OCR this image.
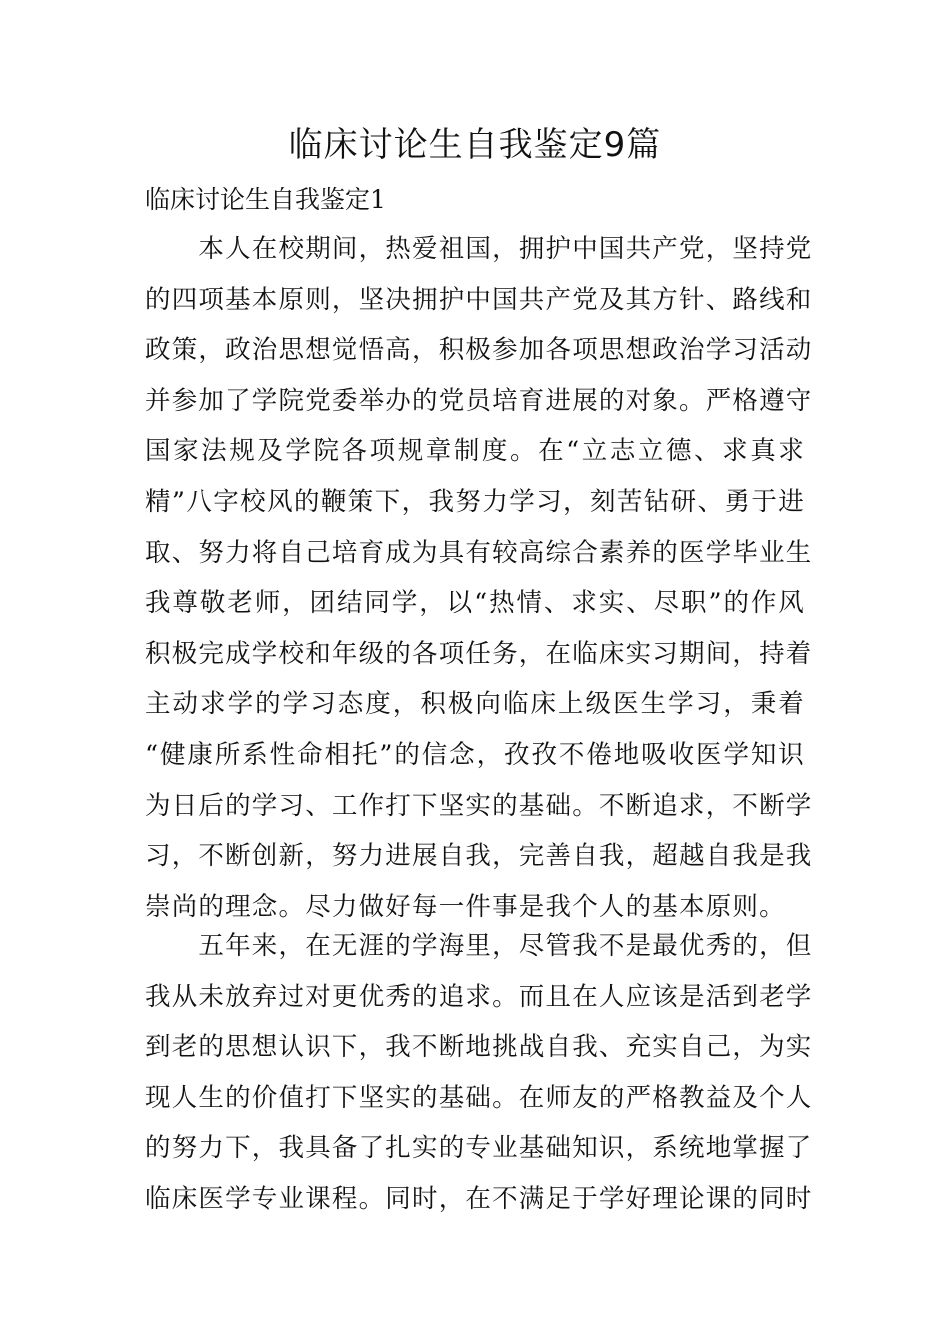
临床讨论生自我鉴定9篇
临床讨论生自我鉴定1
　　本人在校期间，热爱祖国，拥护中国共产党，坚持党
的四项基本原则，坚决拥护中国共产党及其方针、路线和
政策，政治思想觉悟高，积极参加各项思想政治学习活动
并参加了学院党委举办的党员培育进展的对象。严格遵守
国家法规及学院各项规章制度。在“立志立德、求真求
精”八字校风的鞭策下，我努力学习，刻苦钻研、勇于进
取、努力将自己培育成为具有较高综合素养的医学毕业生
我尊敬老师，团结同学，以“热情、求实、尽职”的作风
积极完成学校和年级的各项任务，在临床实习期间，持着
主动求学的学习态度，积极向临床上级医生学习，秉着
“健康所系性命相托”的信念，孜孜不倦地吸收医学知识
为日后的学习、工作打下坚实的基础。不断追求，不断学
习，不断创新，努力进展自我，完善自我，超越自我是我
崇尚的理念。尽力做好每一件事是我个人的基本原则。
　　五年来，在无涯的学海里，尽管我不是最优秀的，但
我从未放弃过对更优秀的追求。而且在人应该是活到老学
到老的思想认识下，我不断地挑战自我、充实自己，为实
现人生的价值打下坚实的基础。在师友的严格教益及个人
的努力下，我具备了扎实的专业基础知识，系统地掌握了
临床医学专业课程。同时，在不满足于学好理论课的同时
